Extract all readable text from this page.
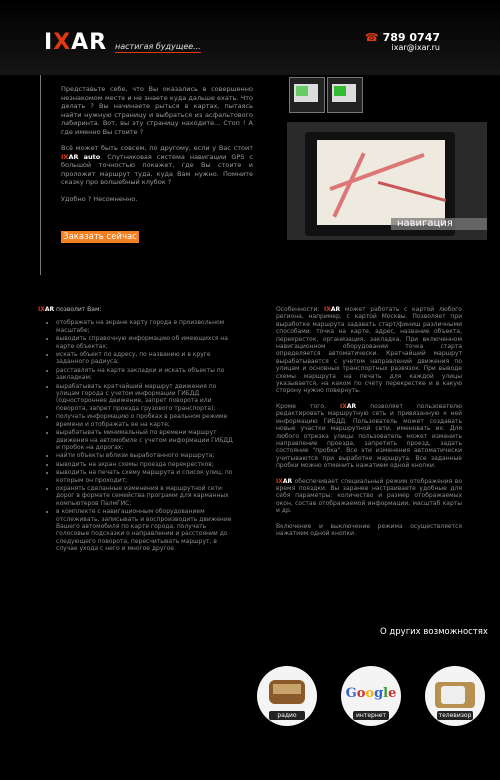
IXAR настигая будущее...
☎ 789 0747
ixar@ixar.ru

Представьте себе, что Вы оказались в совершенно незнакомом месте и не знаете куда дальше ехать. Что делать ? Вы начинаете рыться в картах, пытаясь найти нужную страницу и выбраться из асфальтового лабиринта. Вот, вы эту страницу находите... Стоп ! А где именно Вы стоите ?

Всё может быть совсем, по другому, если у Вас стоит IXAR auto. Спутниковая система навигации GPS с большой точностью покажет, где Вы стоите и проложит маршрут туда, куда Вам нужно. Помните сказку про волшебный клубок ?

Удобно ? Несомненно.

Заказать сейчас
навигация

IXAR позволит Вам:

• отображать на экране карту города в произвольном масштабе;
• выводить справочную информацию об имеющихся на карте объектах;
• искать объект по адресу, по названию и в круге заданного радиуса;
• расставлять на карте закладки и искать объекты по закладкам;
• вырабатывать кратчайший маршрут движения по улицам города с учетом информации ГИБДД (одностороннее движение, запрет поворота или поворота, запрет проезда грузового транспорта);
• получать информацию о пробках в реальном режиме времени и отображать ее на карте;
• вырабатывать минимальный по времени маршрут движения на автомобиле с учетом информации ГИБДД и пробок на дорогах;
• найти объекты вблизи выработанного маршрута;
• выводить на экран схемы проезда перекрестков;
• выводить на печать схему маршрута и список улиц, по которым он проходит;
• охранять сделанные изменения в маршрутной сети дорог в формате семейства программ для карманных компьютеров ПалмГИС;
• в комплекте с навигационным оборудованием отслеживать, записывать и воспроизводить движение Вашего автомобиля по карте города, получать голосовые подсказки о направлении и расстоянии до следующего поворота, пересчитывать маршрут, в случае ухода с него и многое другое.

Особенности: IXAR может работать с картой любого региона, например, с картой Москвы. Позволяет при выработке маршрута задавать старт/финиш различными способами: точка на карте, адрес, название объекта, перекресток, организация, закладка. При включенном навигационном оборудовании точка старта определяется автоматически. Кратчайший маршрут вырабатывается с учетом направлений движения по улицам и основных транспортных развязок. При выводе схемы маршрута на печать для каждой улицы указывается, на каком по счету перекрестке и в какую сторону нужно повернуть.

Кроме того, IXAR позволяет пользователю редактировать маршрутную сеть и привязанную к ней информацию ГИБДД. Пользователь может создавать новые участки маршрутной сети, именовать их. Для любого отрезка улицы пользователь может изменить направление проезда, запретить проезд, задать состояние "пробка". Все эти изменения автоматически учитываются при выработке маршрута. Все заданные пробки можно отменить нажатием одной кнопки.

IXAR обеспечивает специальный режим отображения во время поездки. Вы заранее настраиваете удобные для себя параметры: количество и размер отображаемых окон, состав отображаемой информации, масштаб карты и др.

Включение и выключение режима осуществляется нажатием одной кнопки.

О других возможностях
радио
Google
интернет	телевизор
